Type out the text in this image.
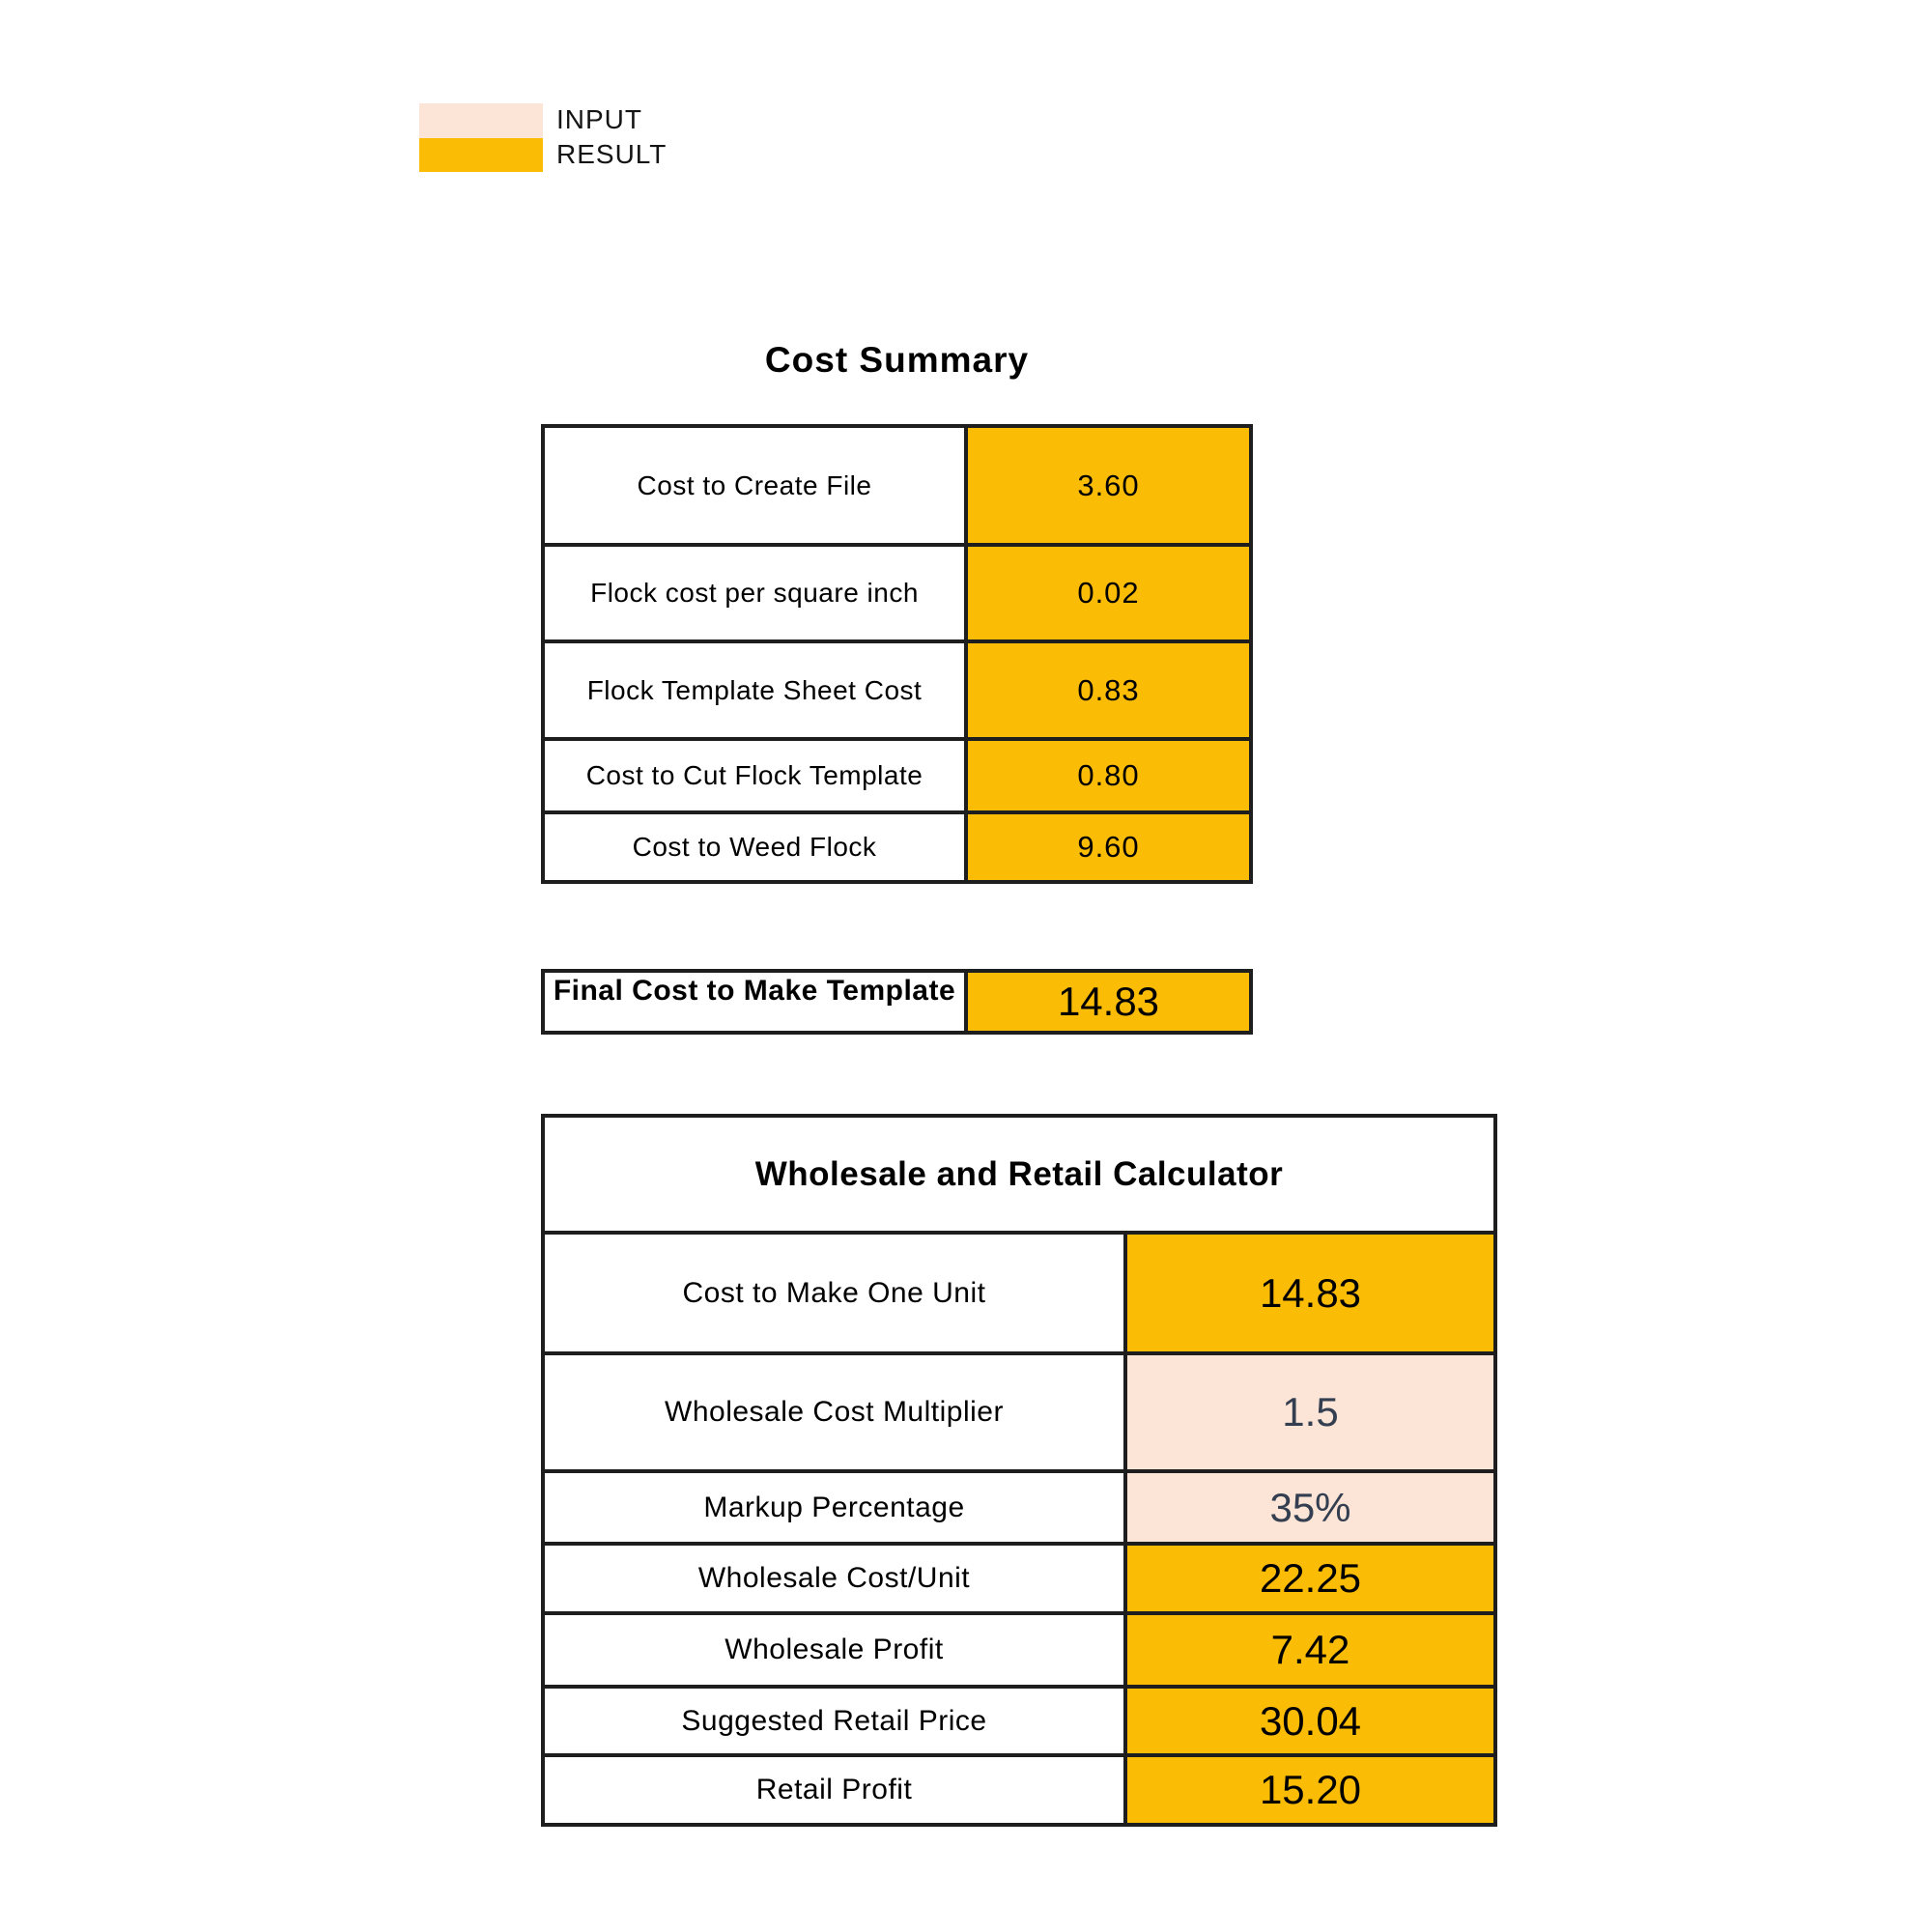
INPUT
RESULT
Cost Summary
Cost to Create File	3.60
Flock cost per square inch	0.02
Flock Template Sheet Cost	0.83
Cost to Cut Flock Template	0.80
Cost to Weed Flock	9.60
Final Cost to Make Template	14.83
Wholesale and Retail Calculator
Cost to Make One Unit	14.83
Wholesale Cost Multiplier	1.5
Markup Percentage	35%
Wholesale Cost/Unit	22.25
Wholesale Profit	7.42
Suggested Retail Price	30.04
Retail Profit	15.20
